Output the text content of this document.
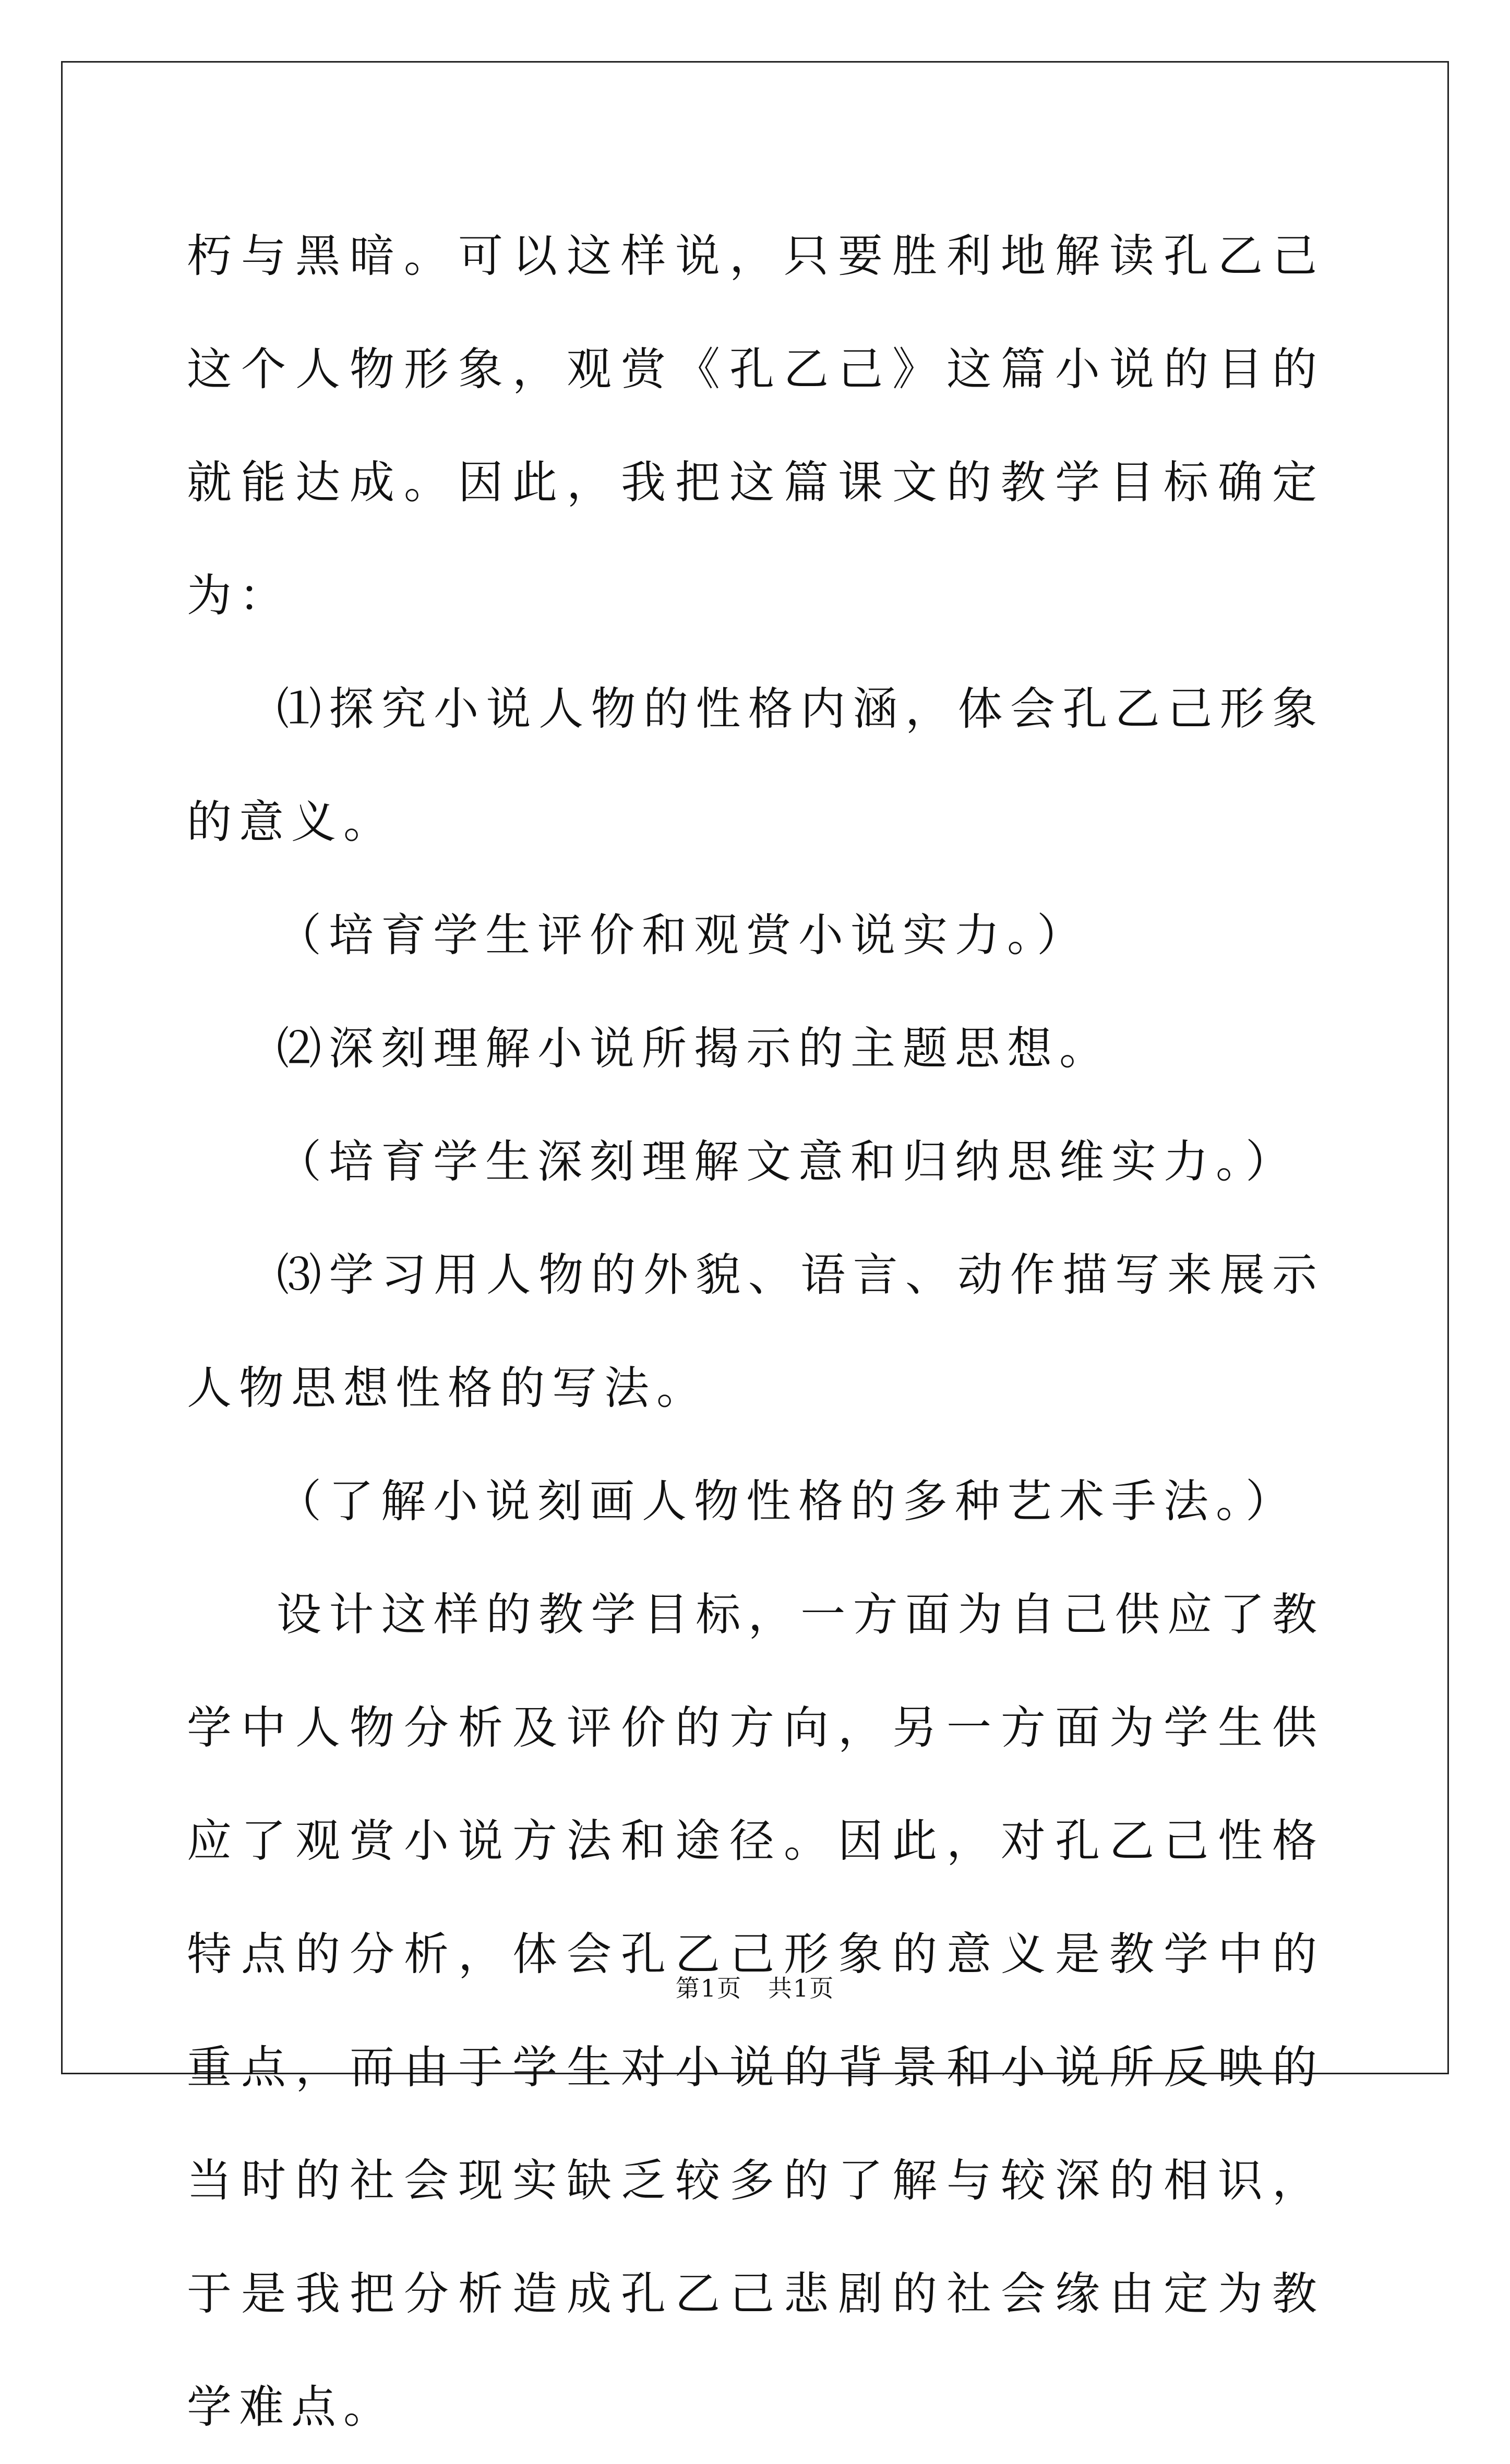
朽与黑暗。可以这样说，只要胜利地解读孔乙己这个人物形象，观赏《孔乙己》这篇小说的目的就能达成。因此，我把这篇课文的教学目标确定为：

⑴探究小说人物的性格内涵，体会孔乙己形象的意义。

（培育学生评价和观赏小说实力。）

⑵深刻理解小说所揭示的主题思想。

（培育学生深刻理解文意和归纳思维实力。）

⑶学习用人物的外貌、语言、动作描写来展示人物思想性格的写法。

（了解小说刻画人物性格的多种艺术手法。）

设计这样的教学目标，一方面为自己供应了教学中人物分析及评价的方向，另一方面为学生供应了观赏小说方法和途径。因此，对孔乙己性格特点的分析，体会孔乙己形象的意义是教学中的重点，而由于学生对小说的背景和小说所反映的当时的社会现实缺乏较多的了解与较深的相识，于是我把分析造成孔乙己悲剧的社会缘由定为教学难点。

第1页   共1页
